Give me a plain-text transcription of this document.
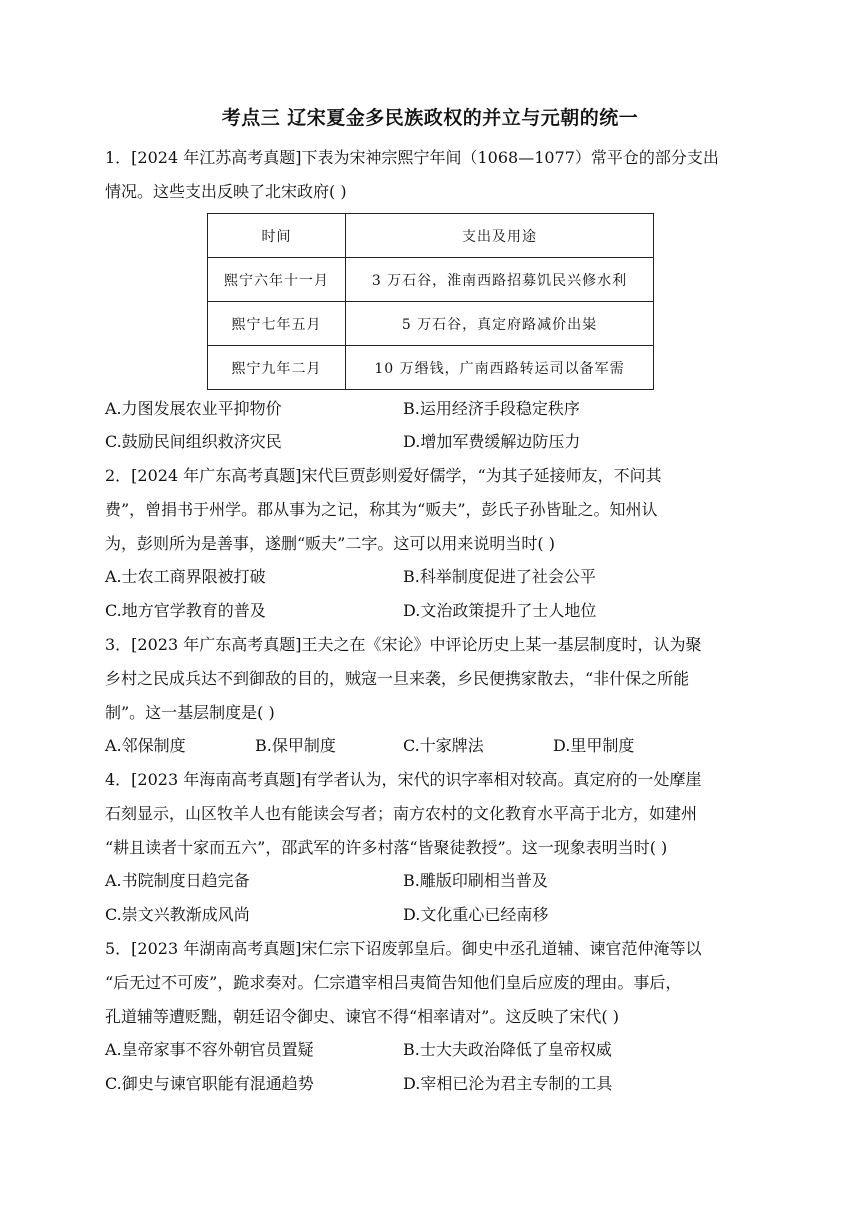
考点三 辽宋夏金多民族政权的并立与元朝的统一
1．[2024 年江苏高考真题]下表为宋神宗熙宁年间（1068—1077）常平仓的部分支出
情况。这些支出反映了北宋政府( )
时间	支出及用途
熙宁六年十一月	3 万石谷，淮南西路招募饥民兴修水利
熙宁七年五月	5 万石谷，真定府路减价出粜
熙宁九年二月	10 万缗钱，广南西路转运司以备军需
A.力图发展农业平抑物价	B.运用经济手段稳定秩序
C.鼓励民间组织救济灾民	D.增加军费缓解边防压力
2．[2024 年广东高考真题]宋代巨贾彭则爱好儒学，“为其子延接师友，不问其
费”，曾捐书于州学。郡从事为之记，称其为“贩夫”，彭氏子孙皆耻之。知州认
为，彭则所为是善事，遂删“贩夫”二字。这可以用来说明当时( )
A.士农工商界限被打破	B.科举制度促进了社会公平
C.地方官学教育的普及	D.文治政策提升了士人地位
3．[2023 年广东高考真题]王夫之在《宋论》中评论历史上某一基层制度时，认为聚
乡村之民成兵达不到御敌的目的，贼寇一旦来袭，乡民便携家散去，“非什保之所能
制”。这一基层制度是( )
A.邻保制度	B.保甲制度	C.十家牌法	D.里甲制度
4．[2023 年海南高考真题]有学者认为，宋代的识字率相对较高。真定府的一处摩崖
石刻显示，山区牧羊人也有能读会写者；南方农村的文化教育水平高于北方，如建州
“耕且读者十家而五六”，邵武军的许多村落“皆聚徒教授”。这一现象表明当时( )
A.书院制度日趋完备	B.雕版印刷相当普及
C.崇文兴教渐成风尚	D.文化重心已经南移
5．[2023 年湖南高考真题]宋仁宗下诏废郭皇后。御史中丞孔道辅、谏官范仲淹等以
“后无过不可废”，跪求奏对。仁宗遣宰相吕夷简告知他们皇后应废的理由。事后，
孔道辅等遭贬黜，朝廷诏令御史、谏官不得“相率请对”。这反映了宋代( )
A.皇帝家事不容外朝官员置疑	B.士大夫政治降低了皇帝权威
C.御史与谏官职能有混通趋势	D.宰相已沦为君主专制的工具
